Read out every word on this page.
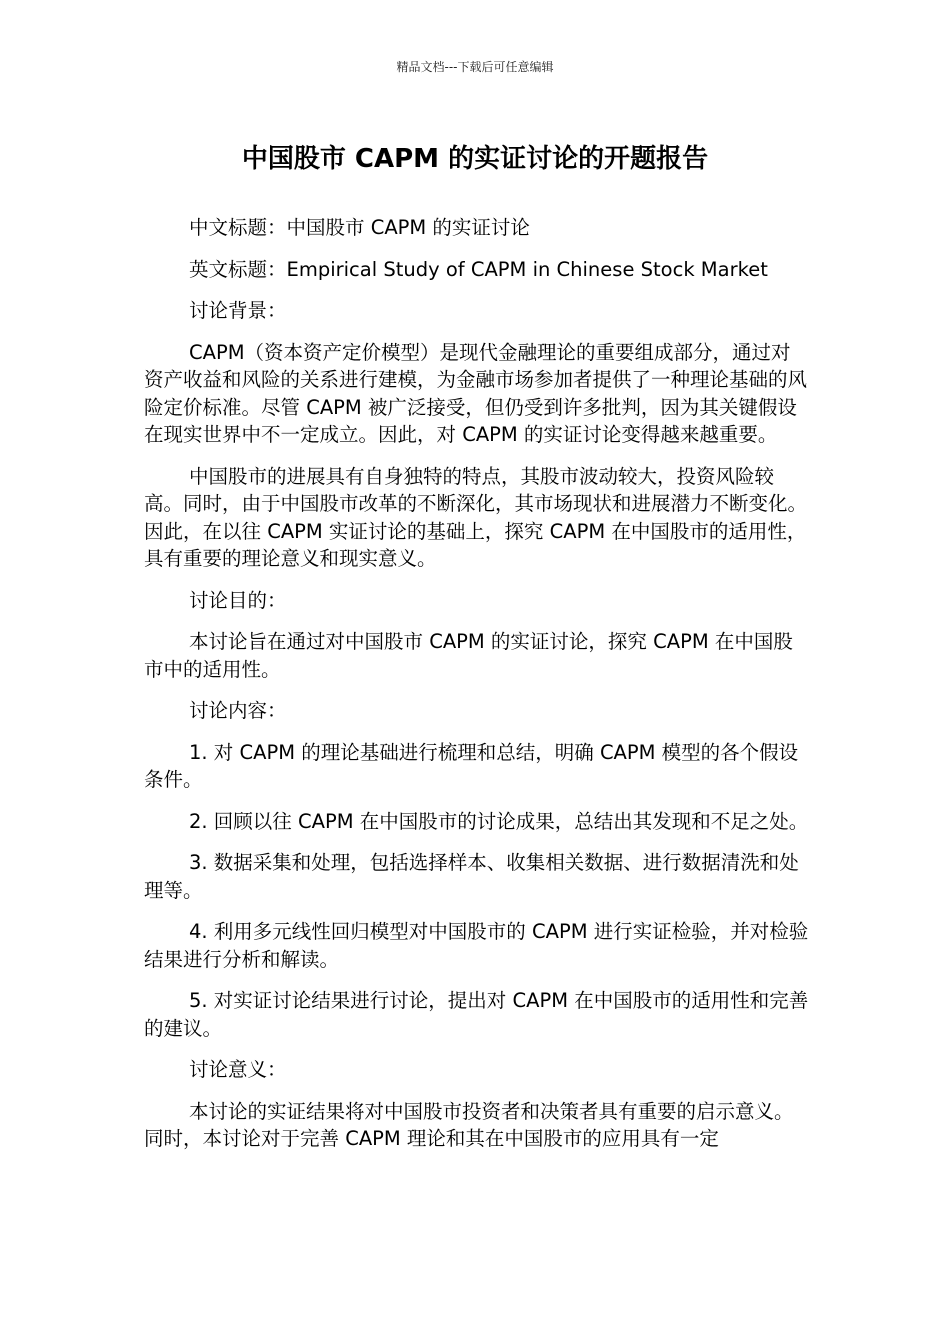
精品文档---下载后可任意编辑
中国股市 CAPM 的实证讨论的开题报告

中文标题：中国股市 CAPM 的实证讨论

英文标题：Empirical Study of CAPM in Chinese Stock Market

讨论背景：

CAPM（资本资产定价模型）是现代金融理论的重要组成部分，通过对资产收益和风险的关系进行建模，为金融市场参加者提供了一种理论基础的风险定价标准。尽管 CAPM 被广泛接受，但仍受到许多批判，因为其关键假设在现实世界中不一定成立。因此，对 CAPM 的实证讨论变得越来越重要。

中国股市的进展具有自身独特的特点，其股市波动较大，投资风险较高。同时，由于中国股市改革的不断深化，其市场现状和进展潜力不断变化。因此，在以往 CAPM 实证讨论的基础上，探究 CAPM 在中国股市的适用性，具有重要的理论意义和现实意义。

讨论目的：

本讨论旨在通过对中国股市 CAPM 的实证讨论，探究 CAPM 在中国股市中的适用性。

讨论内容：

1. 对 CAPM 的理论基础进行梳理和总结，明确 CAPM 模型的各个假设条件。

2. 回顾以往 CAPM 在中国股市的讨论成果，总结出其发现和不足之处。

3. 数据采集和处理，包括选择样本、收集相关数据、进行数据清洗和处理等。

4. 利用多元线性回归模型对中国股市的 CAPM 进行实证检验，并对检验结果进行分析和解读。

5. 对实证讨论结果进行讨论，提出对 CAPM 在中国股市的适用性和完善的建议。

讨论意义：

本讨论的实证结果将对中国股市投资者和决策者具有重要的启示意义。同时，本讨论对于完善 CAPM 理论和其在中国股市的应用具有一定
